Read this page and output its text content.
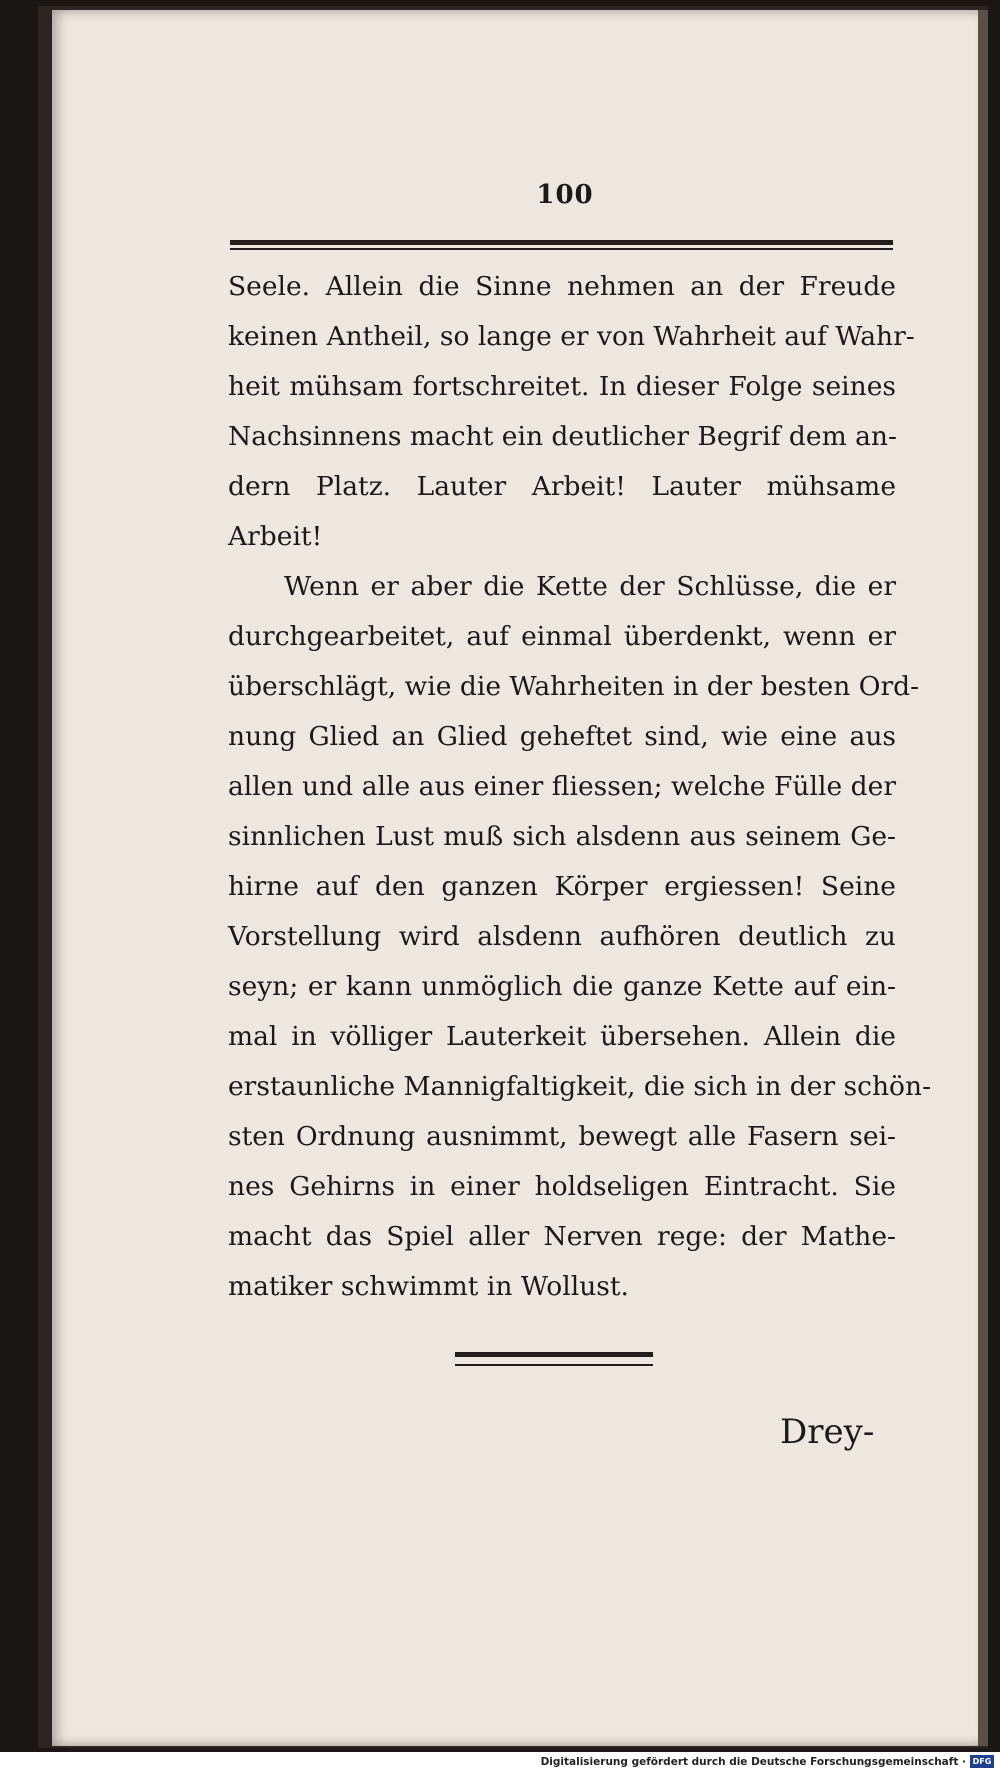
100
Seele. Allein die Sinne nehmen an der Freude
keinen Antheil, so lange er von Wahrheit auf Wahr-
heit mühsam fortschreitet. In dieser Folge seines
Nachsinnens macht ein deutlicher Begrif dem an-
dern Platz. Lauter Arbeit! Lauter mühsame
Arbeit!
Wenn er aber die Kette der Schlüsse, die er
durchgearbeitet, auf einmal überdenkt, wenn er
überschlägt, wie die Wahrheiten in der besten Ord-
nung Glied an Glied geheftet sind, wie eine aus
allen und alle aus einer fliessen; welche Fülle der
sinnlichen Lust muß sich alsdenn aus seinem Ge-
hirne auf den ganzen Körper ergiessen! Seine
Vorstellung wird alsdenn aufhören deutlich zu
seyn; er kann unmöglich die ganze Kette auf ein-
mal in völliger Lauterkeit übersehen. Allein die
erstaunliche Mannigfaltigkeit, die sich in der schön-
sten Ordnung ausnimmt, bewegt alle Fasern sei-
nes Gehirns in einer holdseligen Eintracht. Sie
macht das Spiel aller Nerven rege: der Mathe-
matiker schwimmt in Wollust.
Drey-
Digitalisierung gefördert durch die Deutsche Forschungsgemeinschaft · DFG
